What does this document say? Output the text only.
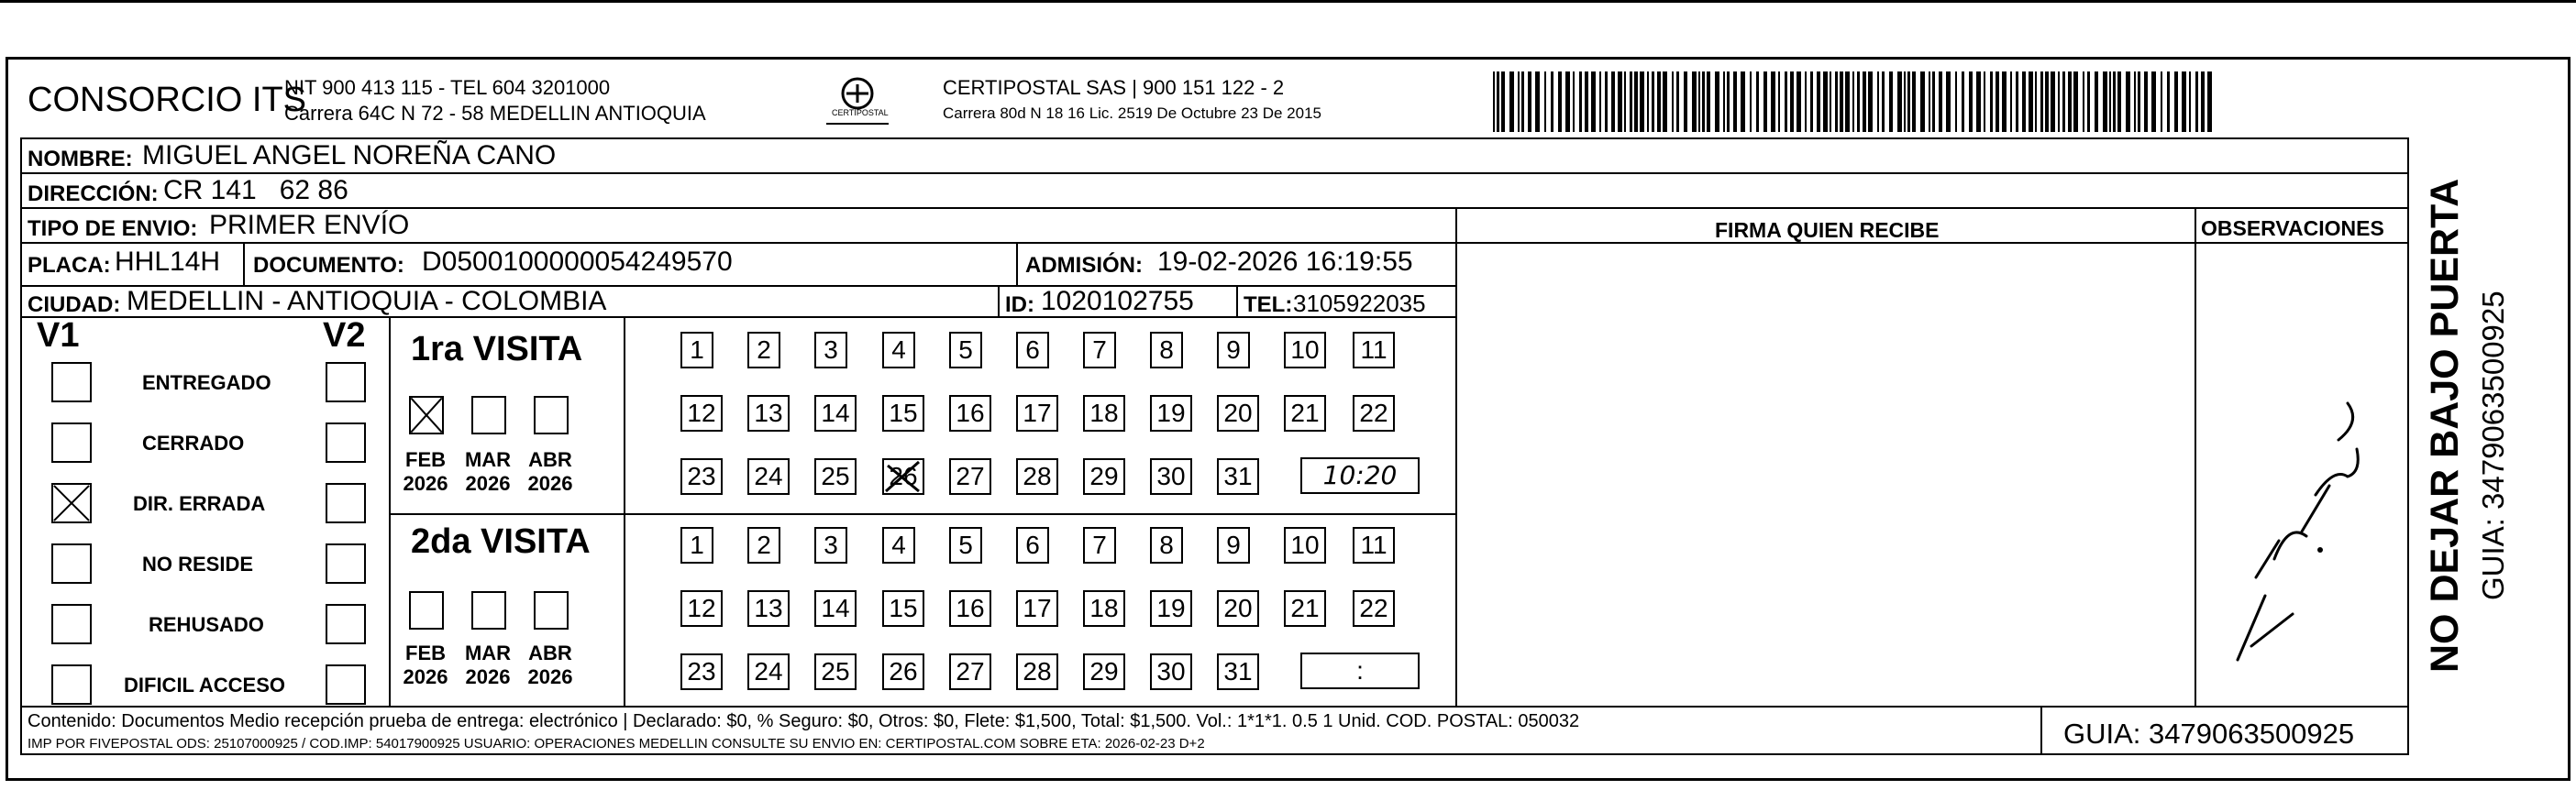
CONSORCIO ITS
NIT 900 413 115 - TEL 604 3201000
Carrera 64C N 72 - 58 MEDELLIN ANTIOQUIA	CERTIPOSTAL
CERTIPOSTAL SAS | 900 151 122 - 2
Carrera 80d N 18 16 Lic. 2519 De Octubre 23 De 2015
FIRMA QUIEN RECIBE	OBSERVACIONES
NOMBRE: MIGUEL ANGEL NOREÑA CANO
DIRECCIÓN: CR 141   62 86
TIPO DE ENVIO: PRIMER ENVÍO
PLACA: HHL14H DOCUMENTO: D0500100000054249570	ADMISIÓN: 19-02-2026 16:19:55
CIUDAD: MEDELLIN - ANTIOQUIA - COLOMBIA	ID: 1020102755 TEL: 3105922035
V1	V2 1ra VISITA
2da VISITA
10:20
:
Contenido: Documentos Medio recepción prueba de entrega: electrónico | Declarado: $0, % Seguro: $0, Otros: $0, Flete: $1,500, Total: $1,500. Vol.: 1*1*1. 0.5 1 Unid. COD. POSTAL: 050032
IMP POR FIVEPOSTAL ODS: 25107000925 / COD.IMP: 54017900925 USUARIO: OPERACIONES MEDELLIN CONSULTE SU ENVIO EN: CERTIPOSTAL.COM SOBRE ETA: 2026-02-23 D+2	GUIA: 3479063500925
NO DEJAR BAJO PUERTA GUIA: 3479063500925
ENTREGADO
CERRADO
DIR. ERRADA
NO RESIDE
REHUSADO
DIFICIL ACCESO
FEB
2026
MAR
2026
ABR
2026
FEB
2026
MAR
2026
ABR
2026
1	2	3	4	5	6	7	8	9	10	11
12 13 14 15 16 17 18 19 20 21 22
23 24 25 26 27 28 29 30 31
1	2	3	4	5	6	7	8	9	10	11
12 13 14 15 16 17 18 19 20 21 22
23 24 25 26 27 28 29 30 31
